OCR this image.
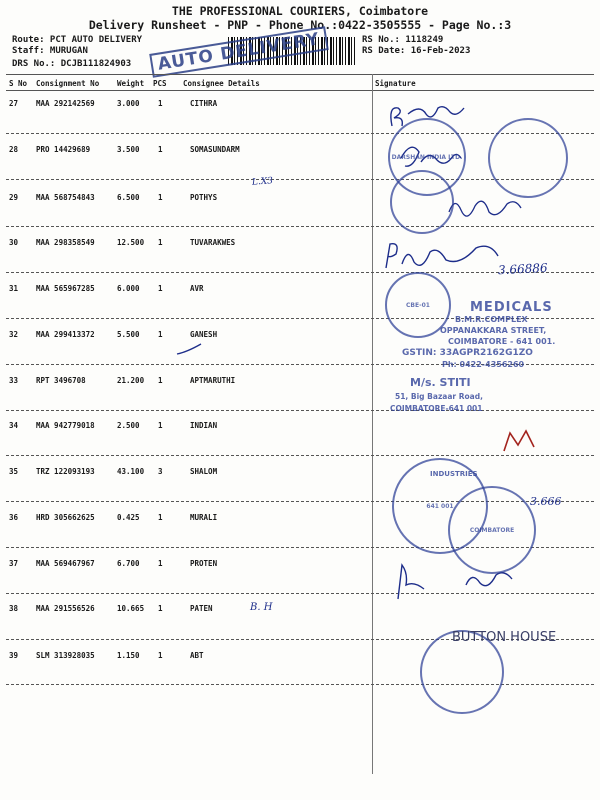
THE PROFESSIONAL COURIERS, Coimbatore
Delivery Runsheet - PNP - Phone No.:0422-3505555 - Page No.:3
Route: PCT AUTO DELIVERY
Staff: MURUGAN
DRS No.: DCJB111824903
RS No.: 1118249
RS Date: 16-Feb-2023
AUTO DELIVERY
S No Consignment No Weight PCS Consignee Details	Signature
27 MAA 292142569	3.000 1	CITHRA
28 PRO 14429689	3.500 1	SOMASUNDARM
29 MAA 568754843	6.500 1	POTHYS
30 MAA 298358549	12.500 1	TUVARAKWES
31 MAA 565967285	6.000 1	AVR
32 MAA 299413372	5.500 1	GANESH
33 RPT 3496708	21.200 1	APTMARUTHI
34 MAA 942779018	2.500 1	INDIAN
35 TRZ 122093193	43.100 3	SHALOM
36 HRD 305662625	0.425 1	MURALI
37 MAA 569467967	6.700 1	PROTEN
38 MAA 291556526	10.665 1	PATEN
39 SLM 313928035	1.150 1	ABT
L.X3
B. H
3.66886
DARSHAN INDIA LTD.
CBE-01
641 001
COIMBATORE
INDUSTRIES
3.666
MEDICALS
B.M.R.COMPLEX
OPPANAKKARA STREET,
COIMBATORE - 641 001.
GSTIN: 33AGPR2162G1ZO
Ph: 0422-4356260
M/s. STITI
51, Big Bazaar Road,
COIMBATORE-641 001
BUTTON HOUSE
